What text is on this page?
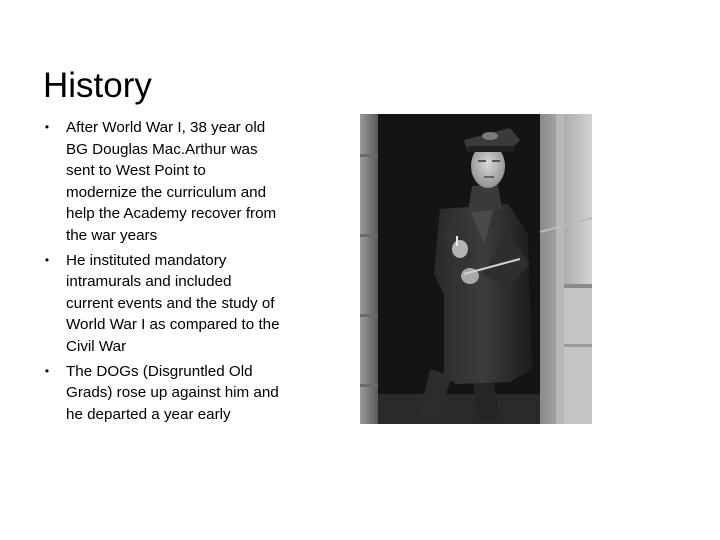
History
•	After World War I, 38 year old BG Douglas Mac.Arthur was sent to West Point to modernize the curriculum and help the Academy recover from the war years
•	He instituted mandatory intramurals and included current events and the study of World War I as compared to the Civil War
•	The DOGs (Disgruntled Old Grads) rose up against him and he departed a year early
